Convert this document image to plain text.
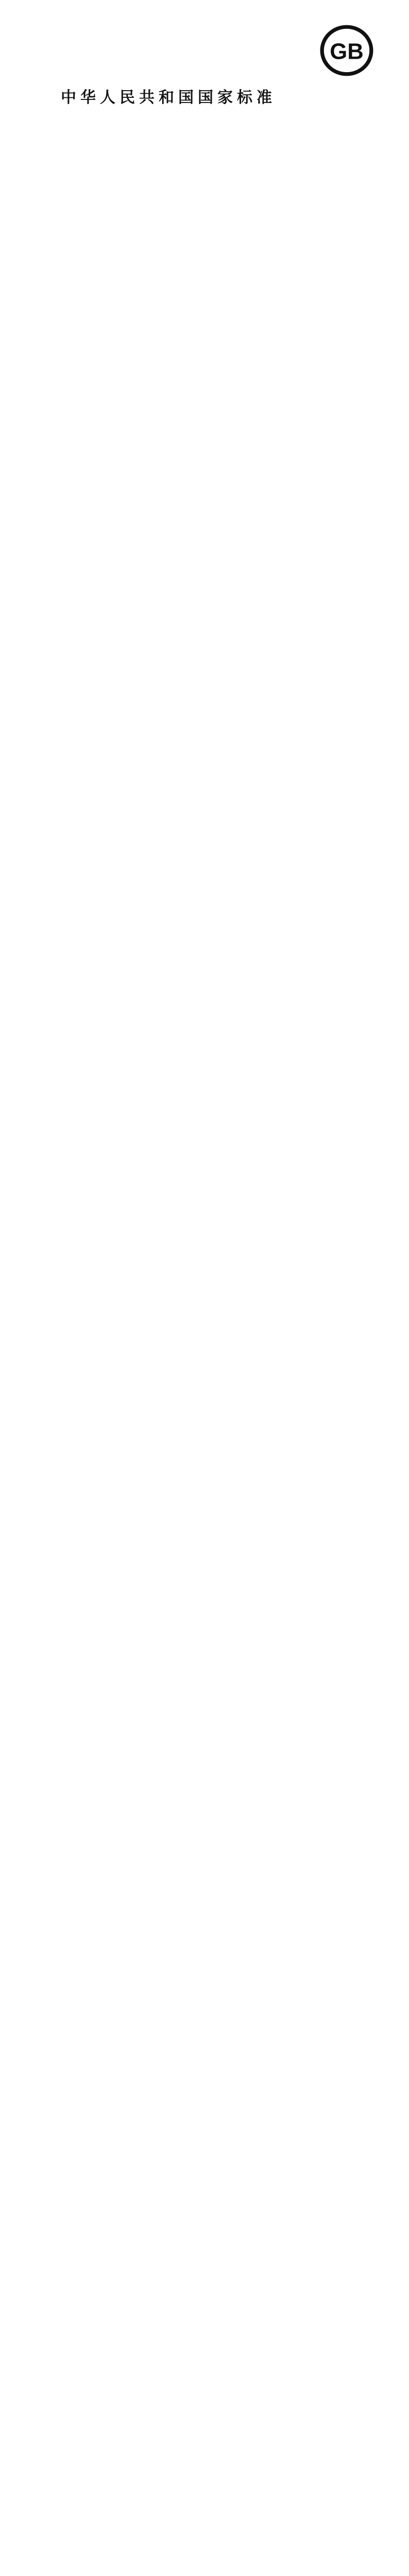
GB
中华人民共和国国家标准
